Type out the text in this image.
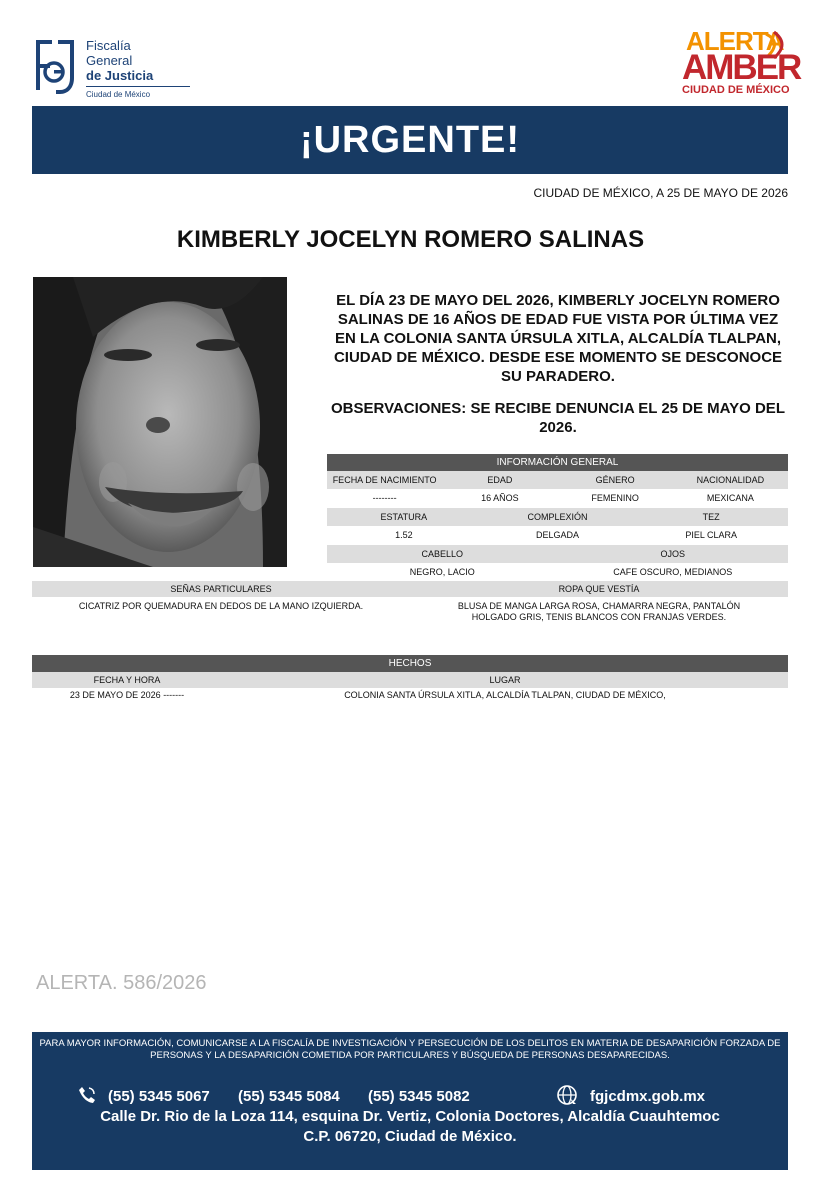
Fiscalía
General
de Justicia
Ciudad de México
ALERTA
AMBER
CIUDAD DE MÉXICO
¡URGENTE!
CIUDAD DE MÉXICO, A 25 DE MAYO DE 2026
KIMBERLY JOCELYN ROMERO SALINAS
EL DÍA 23 DE MAYO DEL 2026, KIMBERLY JOCELYN ROMERO SALINAS DE 16 AÑOS DE EDAD FUE VISTA POR ÚLTIMA VEZ EN LA COLONIA SANTA ÚRSULA XITLA, ALCALDÍA TLALPAN, CIUDAD DE MÉXICO. DESDE ESE MOMENTO SE DESCONOCE SU PARADERO.
OBSERVACIONES: SE RECIBE DENUNCIA EL 25 DE MAYO DEL 2026.
INFORMACIÓN GENERAL
FECHA DE NACIMIENTO	EDAD	GÉNERO	NACIONALIDAD
--------	16 AÑOS	FEMENINO	MEXICANA
ESTATURA	COMPLEXIÓN	TEZ
1.52	DELGADA	PIEL CLARA
CABELLO	OJOS
NEGRO, LACIO	CAFE OSCURO, MEDIANOS
SEÑAS PARTICULARES	ROPA QUE VESTÍA
CICATRIZ POR QUEMADURA EN DEDOS DE LA MANO IZQUIERDA.	BLUSA DE MANGA LARGA ROSA, CHAMARRA NEGRA, PANTALÓN HOLGADO GRIS, TENIS BLANCOS CON FRANJAS VERDES.
HECHOS
FECHA Y HORA	LUGAR
23 DE MAYO DE 2026 -------	COLONIA SANTA ÚRSULA XITLA, ALCALDÍA TLALPAN, CIUDAD DE MÉXICO,
ALERTA. 586/2026
PARA MAYOR INFORMACIÓN, COMUNICARSE A LA FISCALÍA DE INVESTIGACIÓN Y PERSECUCIÓN DE LOS DELITOS EN MATERIA DE DESAPARICIÓN FORZADA DE PERSONAS Y LA DESAPARICIÓN COMETIDA POR PARTICULARES Y BÚSQUEDA DE PERSONAS DESAPARECIDAS.
(55) 5345 5067 (55) 5345 5084 (55) 5345 5082	fgjcdmx.gob.mx
Calle Dr. Rio de la Loza 114, esquina Dr. Vertiz, Colonia Doctores, Alcaldía Cuauhtemoc
C.P. 06720, Ciudad de México.
